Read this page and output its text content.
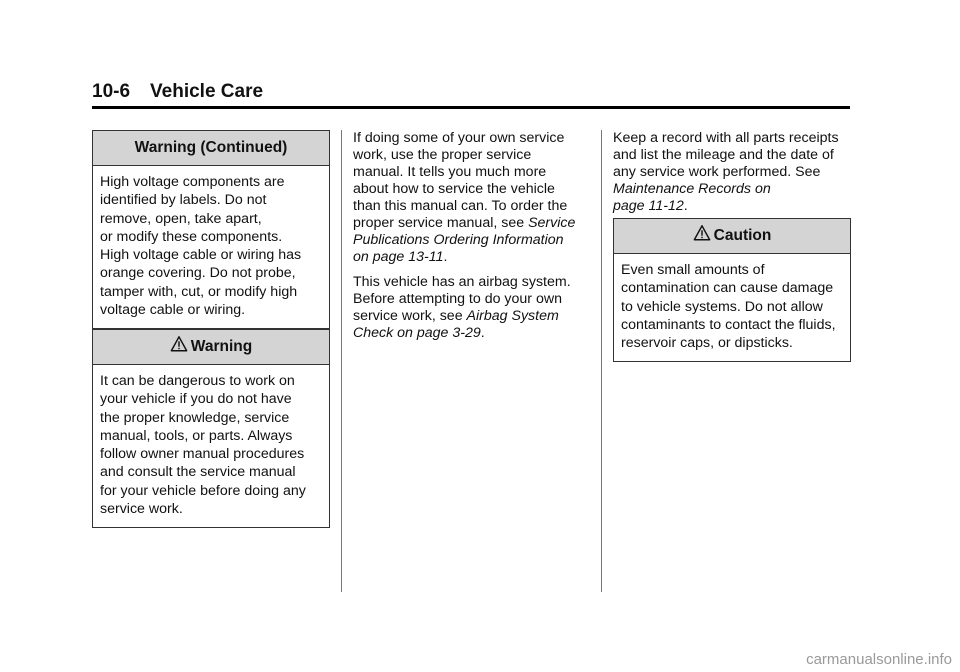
10-6 Vehicle Care
Warning (Continued)

High voltage components are

identified by labels. Do not

remove, open, take apart,

or modify these components.

High voltage cable or wiring has

orange covering. Do not probe,

tamper with, cut, or modify high

voltage cable or wiring.

Warning

It can be dangerous to work on

your vehicle if you do not have

the proper knowledge, service

manual, tools, or parts. Always

follow owner manual procedures

and consult the service manual

for your vehicle before doing any

service work.

If doing some of your own service
work, use the proper service
manual. It tells you much more
about how to service the vehicle
than this manual can. To order the
proper service manual, see Service
Publications Ordering Information
on page 13-11.

This vehicle has an airbag system.
Before attempting to do your own
service work, see Airbag System
Check on page 3-29.

Keep a record with all parts receipts
and list the mileage and the date of
any service work performed. See
Maintenance Records on
page 11-12.

Caution

Even small amounts of

contamination can cause damage

to vehicle systems. Do not allow

contaminants to contact the fluids,

reservoir caps, or dipsticks.

carmanualsonline.info
